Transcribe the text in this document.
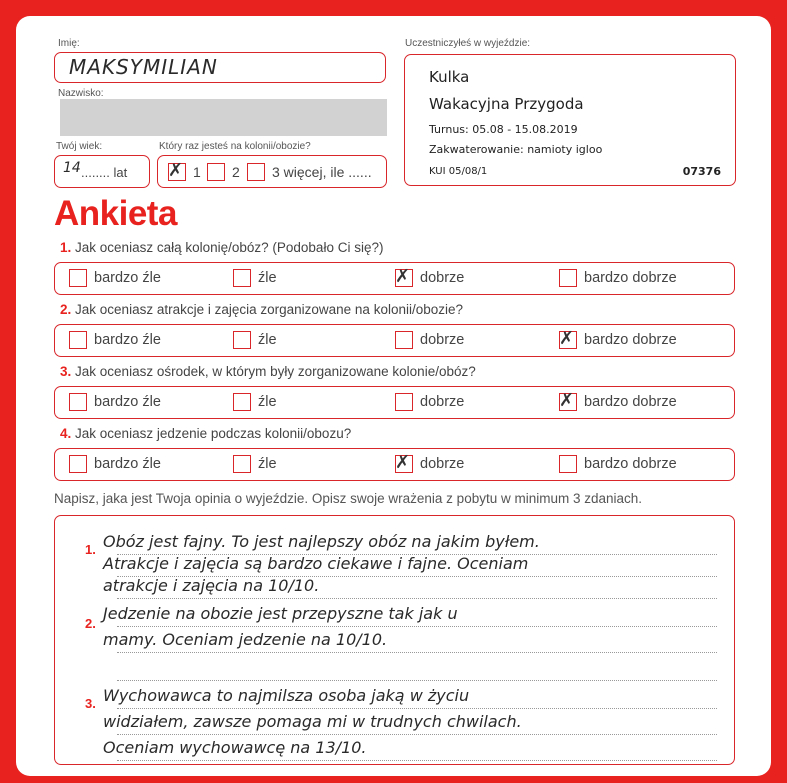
Imię:
MAKSYMILIAN
Nazwisko:
Twój wiek:
14 ........ lat
Który raz jesteś na kolonii/obozie?
✗ 1 2 3 więcej, ile ......
Uczestniczyłeś w wyjeździe:
Kulka
Wakacyjna Przygoda
Turnus: 05.08 - 15.08.2019
Zakwaterowanie: namioty igloo
KUI 05/08/1	07376
Ankieta
1. Jak oceniasz całą kolonię/obóz? (Podobało Ci się?)
bardzo źle	źle	✗ dobrze	bardzo dobrze
2. Jak oceniasz atrakcje i zajęcia zorganizowane na kolonii/obozie?
bardzo źle	źle	dobrze	✗ bardzo dobrze
3. Jak oceniasz ośrodek, w którym były zorganizowane kolonie/obóz?
bardzo źle	źle	dobrze	✗ bardzo dobrze
4. Jak oceniasz jedzenie podczas kolonii/obozu?
bardzo źle	źle	✗ dobrze	bardzo dobrze
Napisz, jaka jest Twoja opinia o wyjeździe. Opisz swoje wrażenia z pobytu w minimum 3 zdaniach.
Obóz jest fajny. To jest najlepszy obóz na jakim byłem.
Atrakcje i zajęcia są bardzo ciekawe i fajne. Oceniam
atrakcje i zajęcia na 10/10.
Jedzenie na obozie jest przepyszne tak jak u
mamy. Oceniam jedzenie na 10/10.
Wychowawca to najmilsza osoba jaką w życiu
widziałem, zawsze pomaga mi w trudnych chwilach.
Oceniam wychowawcę na 13/10.
1.
2.
3.
